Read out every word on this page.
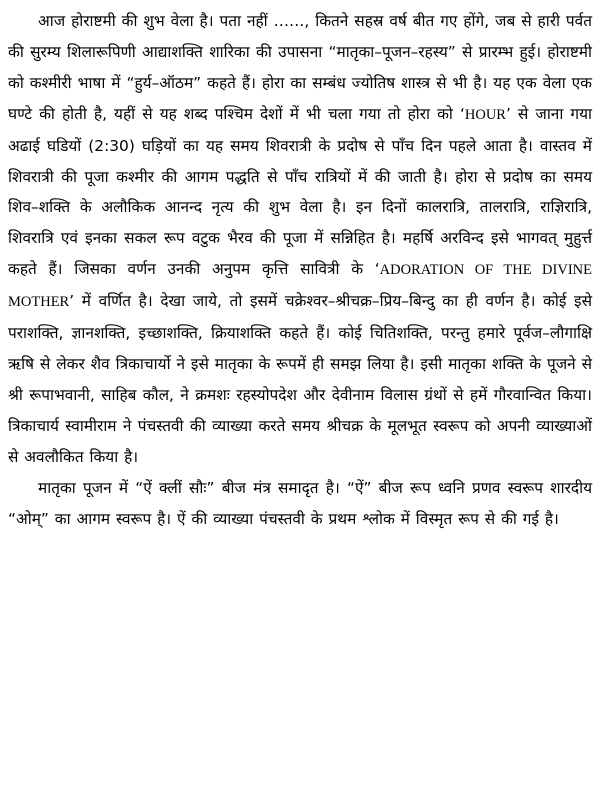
आज होराष्टमी की शुभ वेला है। पता नहीं ……, कितने सहस्र वर्ष बीत गए होंगे, जब से हारी पर्वत की सुरम्य शिलारूपिणी आद्याशक्ति शारिका की उपासना “मातृका–पूजन–रहस्य” से प्रारम्भ हुई। होराष्टमी को कश्मीरी भाषा में “हुर्य–ऑठम” कहते हैं। होरा का सम्बंध ज्योतिष शास्त्र से भी है। यह एक वेला एक घण्टे की होती है, यहीं से यह शब्द पश्चिम देशों में भी चला गया तो होरा को ‘HOUR’ से जाना गया अढाई घडियों (2:30) घड़ियों का यह समय शिवरात्री के प्रदोष से पाँच दिन पहले आता है। वास्तव में शिवरात्री की पूजा कश्मीर की आगम पद्धति से पाँच रात्रियों में की जाती है। होरा से प्रदोष का समय शिव–शक्ति के अलौकिक आनन्द नृत्य की शुभ वेला है। इन दिनों कालरात्रि, तालरात्रि, राज्ञिरात्रि, शिवरात्रि एवं इनका सकल रूप वटुक भैरव की पूजा में सन्निहित है। महर्षि अरविन्द इसे भागवत् मुहुर्त्त कहते हैं। जिसका वर्णन उनकी अनुपम कृत्ति सावित्री के ‘ADORATION OF THE DIVINE MOTHER’ में वर्णित है। देखा जाये, तो इसमें चक्रेश्वर–श्रीचक्र–प्रिय–बिन्दु का ही वर्णन है। कोई इसे पराशक्ति, ज्ञानशक्ति, इच्छाशक्ति, क्रियाशक्ति कहते हैं। कोई चितिशक्ति, परन्तु हमारे पूर्वज–लौगाक्षि ऋषि से लेकर शैव त्रिकाचार्यो ने इसे मातृका के रूपमें ही समझ लिया है। इसी मातृका शक्ति के पूजने से श्री रूपाभवानी, साहिब कौल, ने क्रमशः रहस्योपदेश और देवीनाम विलास ग्रंथों से हमें गौरवान्वित किया। त्रिकाचार्य स्वामीराम ने पंचस्तवी की व्याख्या करते समय श्रीचक्र के मूलभूत स्वरूप को अपनी व्याख्याओं से अवलौकित किया है।

मातृका पूजन में “ऐं क्लीं सौः” बीज मंत्र समादृत है। “ऐं” बीज रूप ध्वनि प्रणव स्वरूप शारदीय “ओम्” का आगम स्वरूप है। ऐं की व्याख्या पंचस्तवी के प्रथम श्लोक में विस्मृत रूप से की गई है।
